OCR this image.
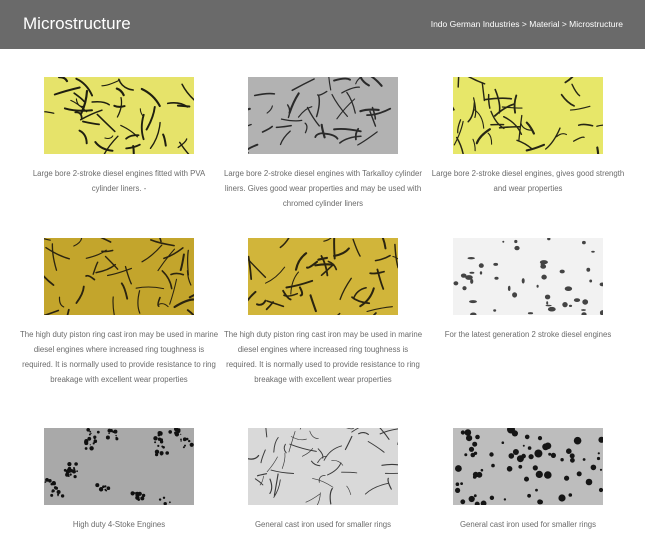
Microstructure	Indo German Industries > Material > Microstructure
Large bore 2-stroke diesel engines fitted with PVA cylinder liners. -
Large bore 2-stroke diesel engines with Tarkalloy cylinder liners. Gives good wear properties and may be used with chromed cylinder liners
Large bore 2-stroke diesel engines, gives good strength and wear properties
The high duty piston ring cast iron may be used in marine diesel engines where increased ring toughness is required. It is normally used to provide resistance to ring breakage with excellent wear properties
The high duty piston ring cast iron may be used in marine diesel engines where increased ring toughness is required. It is normally used to provide resistance to ring breakage with excellent wear properties
For the latest generation 2 stroke diesel engines
High duty 4-Stoke Engines	General cast iron used for smaller rings	General cast iron used for smaller rings
